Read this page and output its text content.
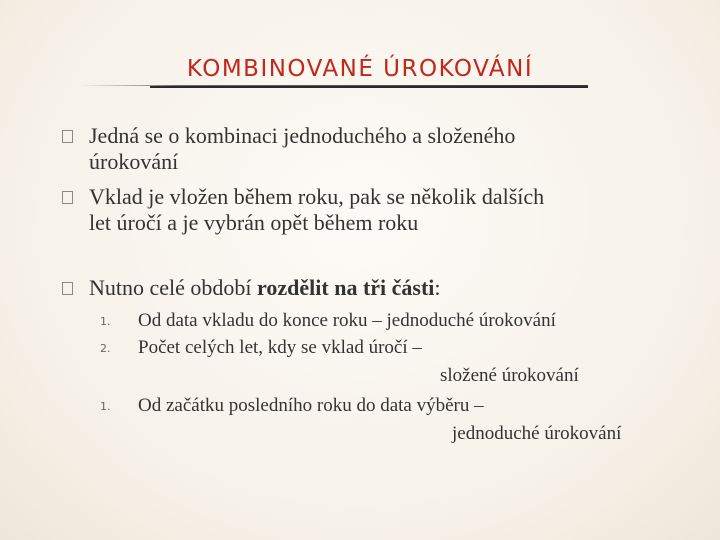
KOMBINOVANÉ ÚROKOVÁNÍ
Jedná se o kombinaci jednoduchého a složeného
úrokování
Vklad je vložen během roku, pak se několik dalších
let úročí a je vybrán opět během roku
Nutno celé období rozdělit na tři části:
1. Od data vkladu do konce roku – jednoduché úrokování
2. Počet celých let, kdy se vklad úročí –
složené úrokování
1. Od začátku posledního roku do data výběru –
jednoduché úrokování
